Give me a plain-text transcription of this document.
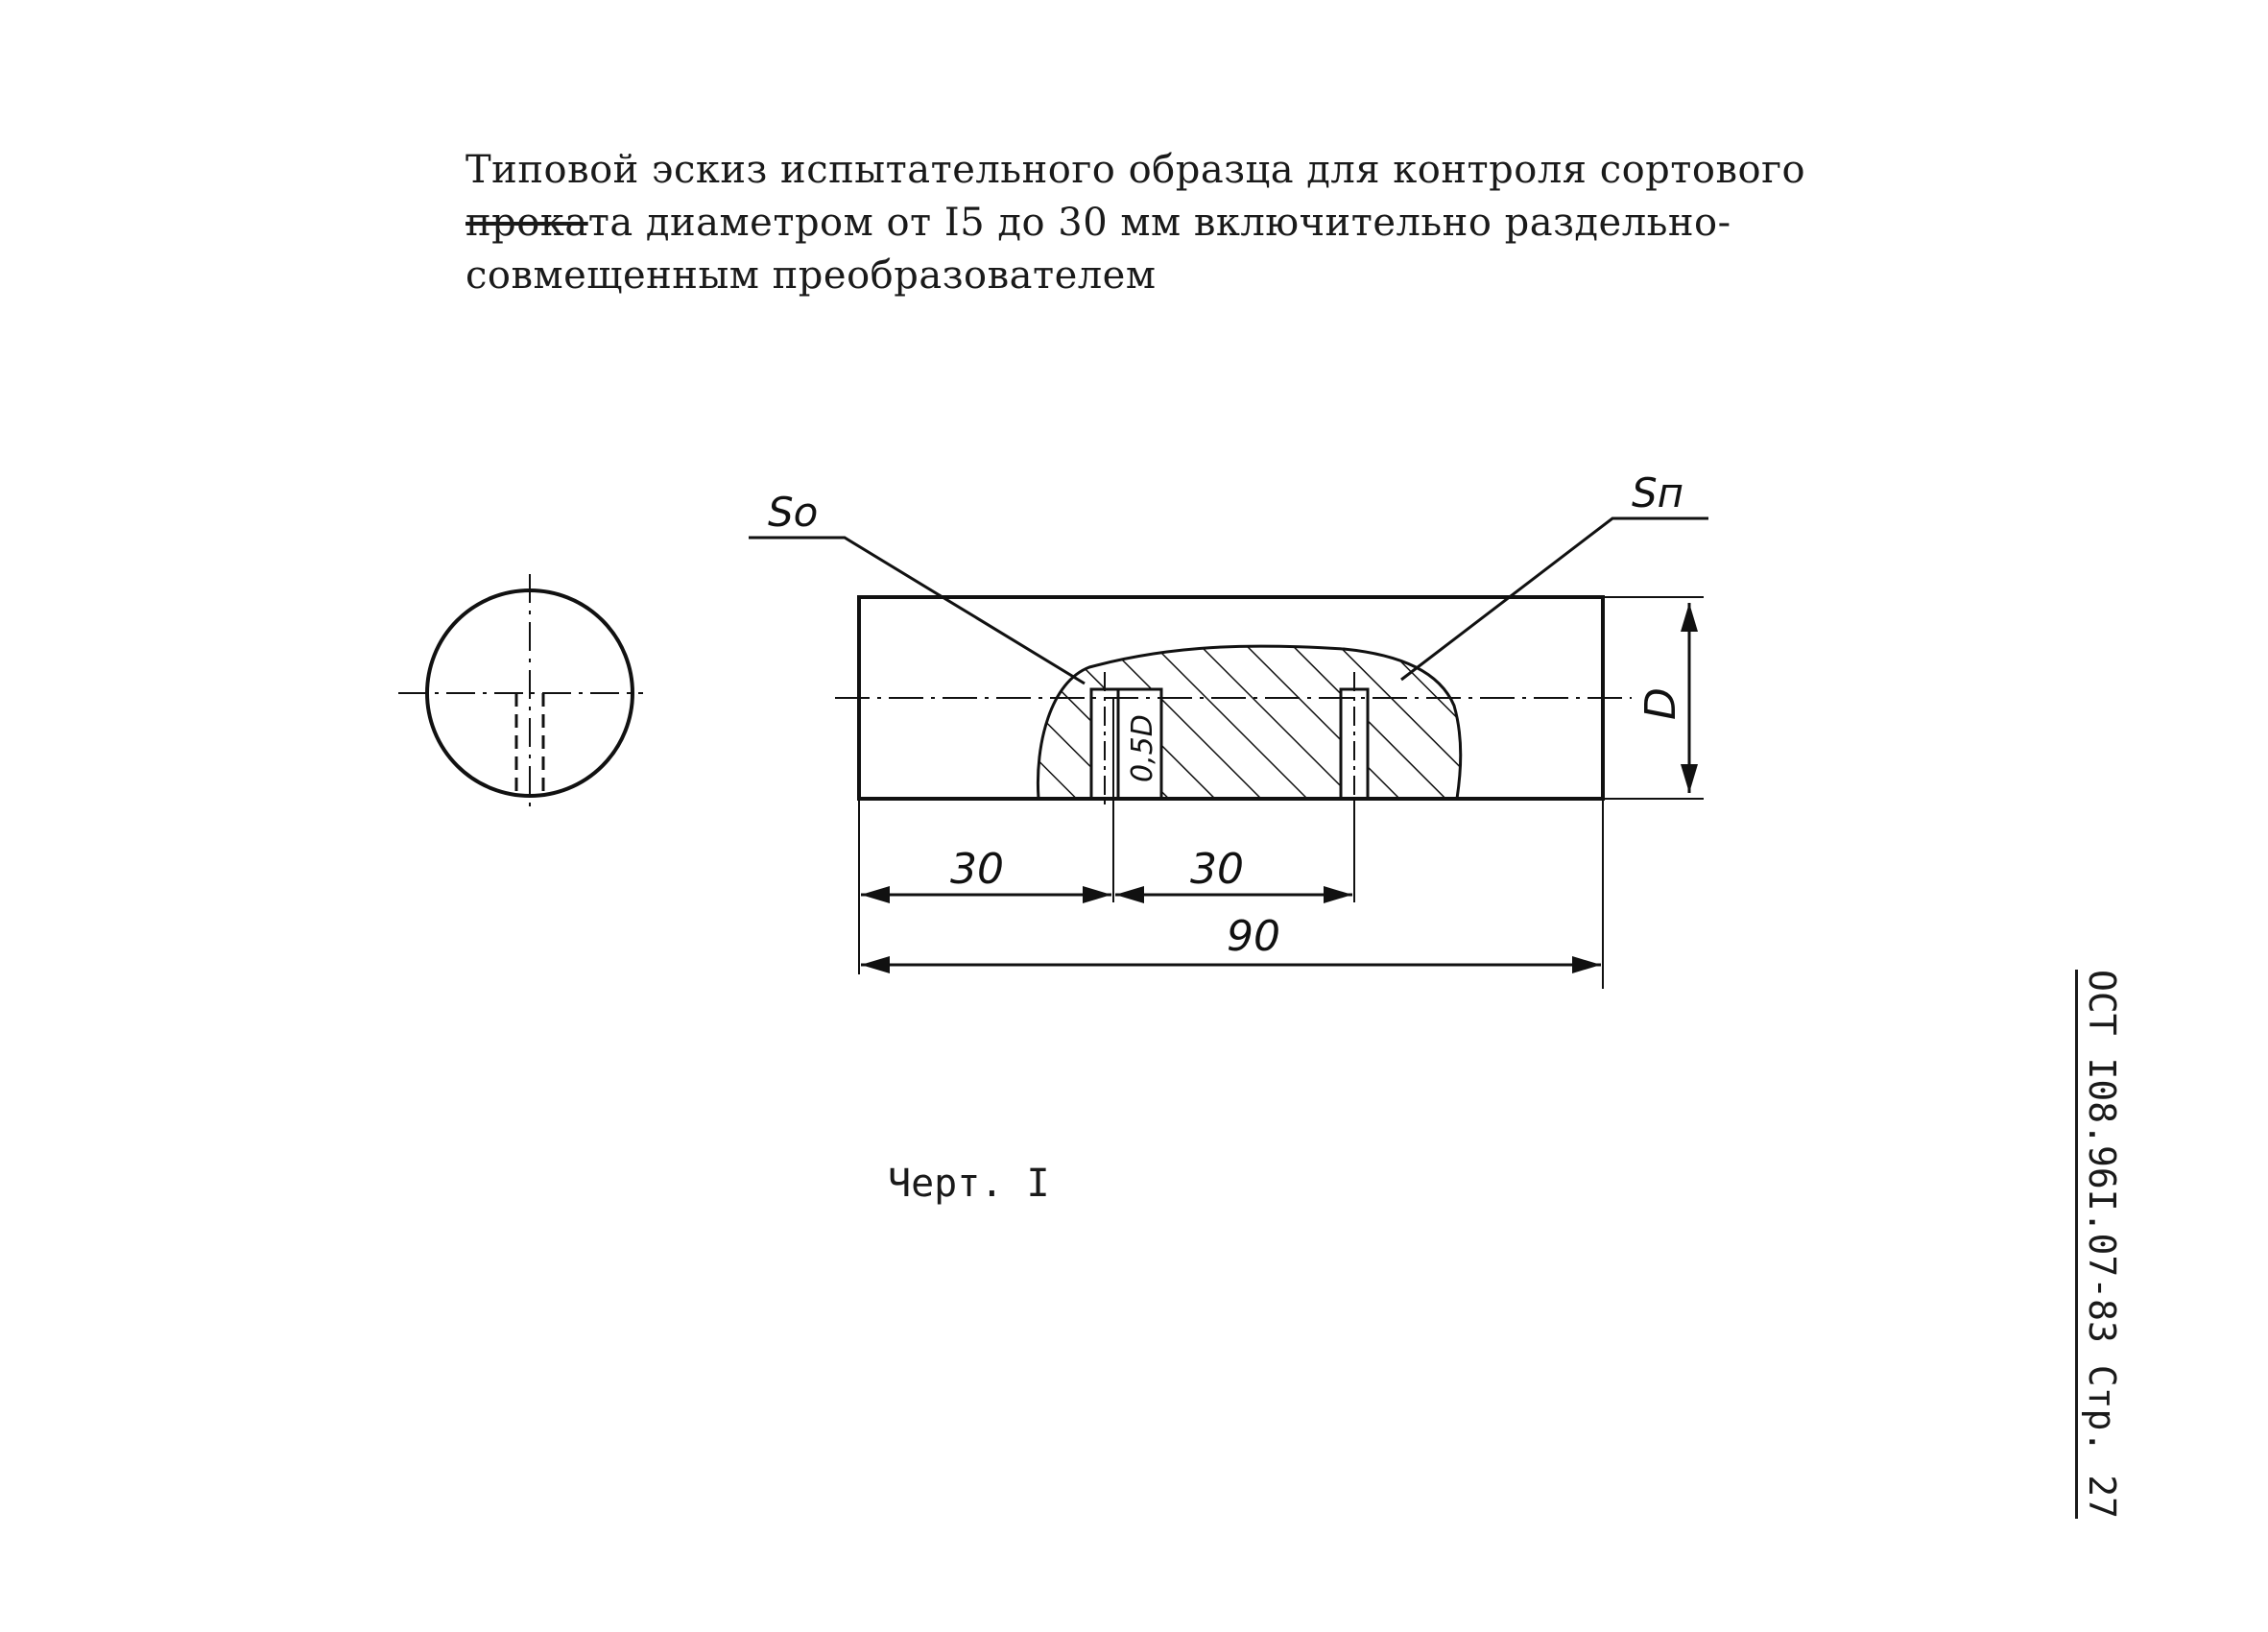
Типовой эскиз испытательного образца для контроля сортового
проката диаметром от I5 до 30 мм включительно раздельно-
совмещенным преобразователем
So	Sп
0,5D
D
30	30
90
Черт. I	ОСТ I08.96I.07-83 Стр. 27
